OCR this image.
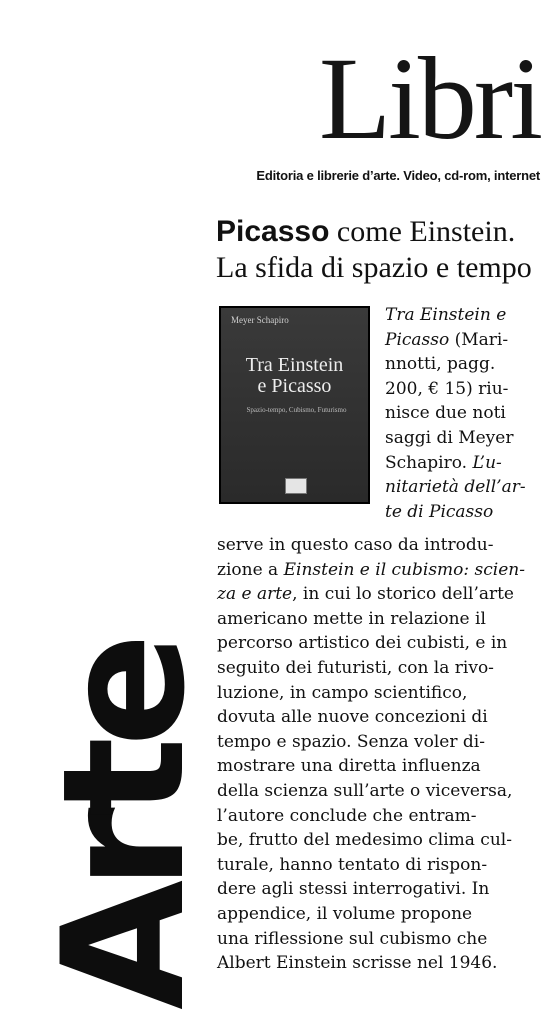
Libri
Editoria e librerie d’arte. Video, cd-rom, internet
Arte
Picasso come Einstein.
La sfida di spazio e tempo
Meyer Schapiro
Tra Einstein
e Picasso
Spazio-tempo, Cubismo, Futurismo
Tra Einstein e
Picasso (Mari-
nnotti, pagg.
200, € 15) riu-
nisce due noti
saggi di Meyer
Schapiro. L’u-
nitarietà dell’ar-
te di Picasso
serve in questo caso da introdu-
zione a Einstein e il cubismo: scien-
za e arte, in cui lo storico dell’arte
americano mette in relazione il
percorso artistico dei cubisti, e in
seguito dei futuristi, con la rivo-
luzione, in campo scientifico,
dovuta alle nuove concezioni di
tempo e spazio. Senza voler di-
mostrare una diretta influenza
della scienza sull’arte o viceversa,
l’autore conclude che entram-
be, frutto del medesimo clima cul-
turale, hanno tentato di rispon-
dere agli stessi interrogativi. In
appendice, il volume propone
una riflessione sul cubismo che
Albert Einstein scrisse nel 1946.
